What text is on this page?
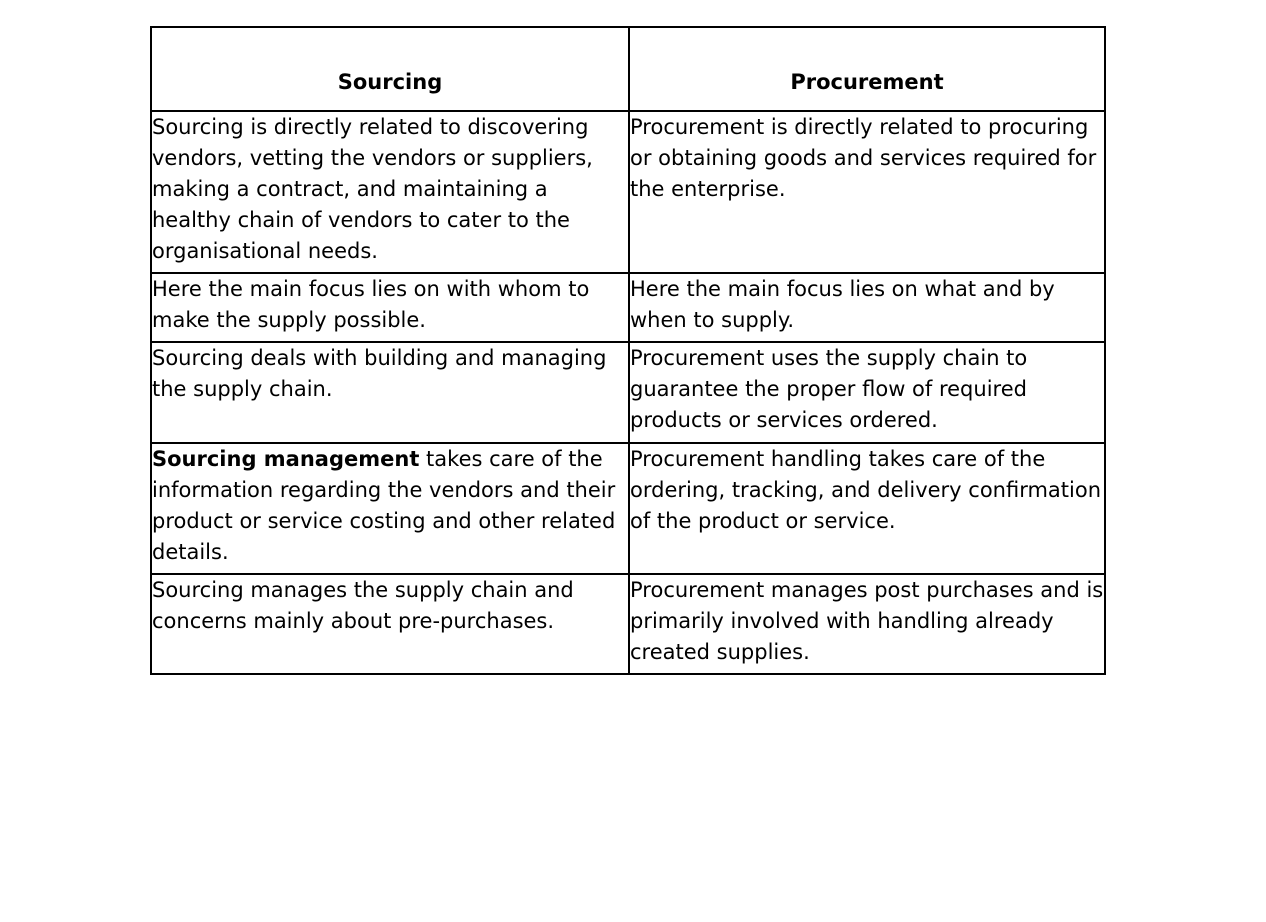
Sourcing	Procurement

Sourcing is directly related to discovering vendors, vetting the vendors or suppliers, making a contract, and maintaining a healthy chain of vendors to cater to the organisational needs.	Procurement is directly related to procuring or obtaining goods and services required for the enterprise.

Here the main focus lies on with whom to make the supply possible.	Here the main focus lies on what and by when to supply.

Sourcing deals with building and managing the supply chain.	Procurement uses the supply chain to guarantee the proper flow of required products or services ordered.

Sourcing management takes care of the information regarding the vendors and their product or service costing and other related details.	Procurement handling takes care of the ordering, tracking, and delivery confirmation of the product or service.

Sourcing manages the supply chain and concerns mainly about pre-purchases.	Procurement manages post purchases and is primarily involved with handling already created supplies.
